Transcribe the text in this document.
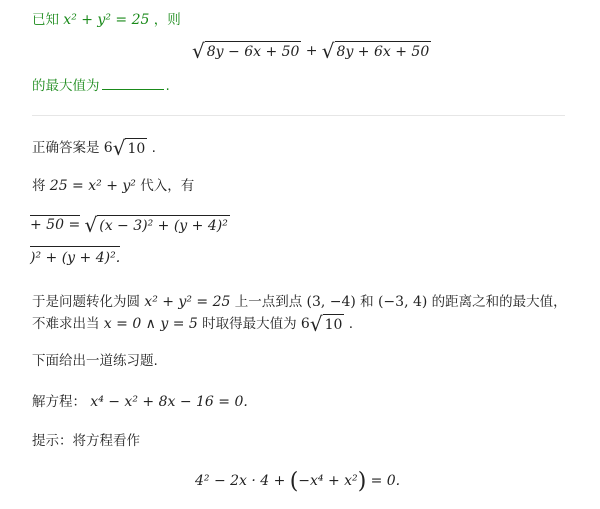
已知 x² + y² = 25 ，则
√ 8y − 6x + 50 + √ 8y + 6x + 50
的最大值为	.
正确答案是 6 √ 10 .
将 25 = x² + y² 代入，有
+ 50 = √ (x − 3)² + (y + 4)²
)² + (y + 4)².
于是问题转化为圆 x² + y² = 25 上一点到点 (3, −4) 和 (−3, 4) 的距离之和的最大值，
不难求出当 x = 0 ∧ y = 5 时取得最大值为 6 √ 10 .
下面给出一道练习题.
解方程： x⁴ − x² + 8x − 16 = 0.
提示：将方程看作
4² − 2x · 4 + (−x⁴ + x²) = 0.
